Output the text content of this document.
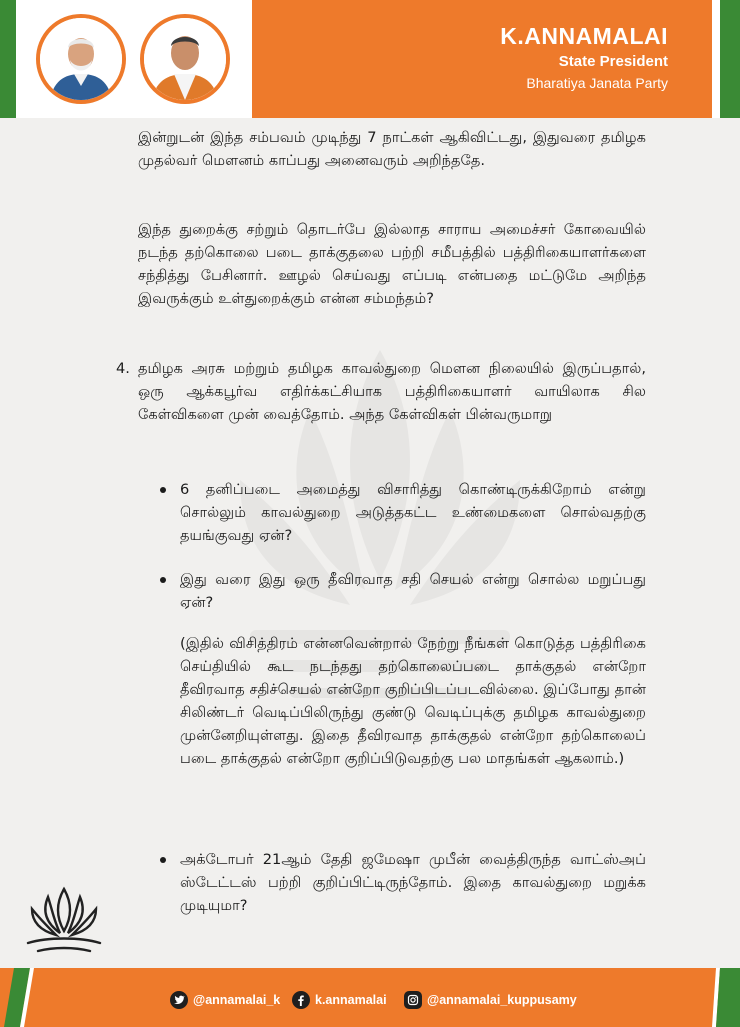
K.ANNAMALAI
State President
Bharatiya Janata Party
இன்றுடன் இந்த சம்பவம் முடிந்து 7 நாட்கள் ஆகிவிட்டது, இதுவரை தமிழக முதல்வர் மௌனம் காப்பது அனைவரும் அறிந்ததே.
இந்த துறைக்கு சற்றும் தொடர்பே இல்லாத சாராய அமைச்சர் கோவையில் நடந்த தற்கொலை படை தாக்குதலை பற்றி சமீபத்தில் பத்திரிகையாளர்களை சந்தித்து பேசினார். ஊழல் செய்வது எப்படி என்பதை மட்டுமே அறிந்த இவருக்கும் உள்துறைக்கும் என்ன சம்மந்தம்?
4. தமிழக அரசு மற்றும் தமிழக காவல்துறை மௌன நிலையில் இருப்பதால், ஒரு ஆக்கபூர்வ எதிர்க்கட்சியாக பத்திரிகையாளர் வாயிலாக சில கேள்விகளை முன் வைத்தோம். அந்த கேள்விகள் பின்வருமாறு
6 தனிப்படை அமைத்து விசாரித்து கொண்டிருக்கிறோம் என்று சொல்லும் காவல்துறை அடுத்தகட்ட உண்மைகளை சொல்வதற்கு தயங்குவது ஏன்?
இது வரை இது ஒரு தீவிரவாத சதி செயல் என்று சொல்ல மறுப்பது ஏன்?
(இதில் விசித்திரம் என்னவென்றால் நேற்று நீங்கள் கொடுத்த பத்திரிகை செய்தியில் கூட நடந்தது தற்கொலைப்படை தாக்குதல் என்றோ தீவிரவாத சதிச்செயல் என்றோ குறிப்பிடப்படவில்லை. இப்போது தான் சிலிண்டர் வெடிப்பிலிருந்து குண்டு வெடிப்புக்கு தமிழக காவல்துறை முன்னேறியுள்ளது. இதை தீவிரவாத தாக்குதல் என்றோ தற்கொலைப் படை தாக்குதல் என்றோ குறிப்பிடுவதற்கு பல மாதங்கள் ஆகலாம்.)
அக்டோபர் 21ஆம் தேதி ஜமேஷா முபீன் வைத்திருந்த வாட்ஸ்அப் ஸ்டேட்டஸ் பற்றி குறிப்பிட்டிருந்தோம். இதை காவல்துறை மறுக்க முடியுமா?
@annamalai_k	k.annamalai	@annamalai_kuppusamy
